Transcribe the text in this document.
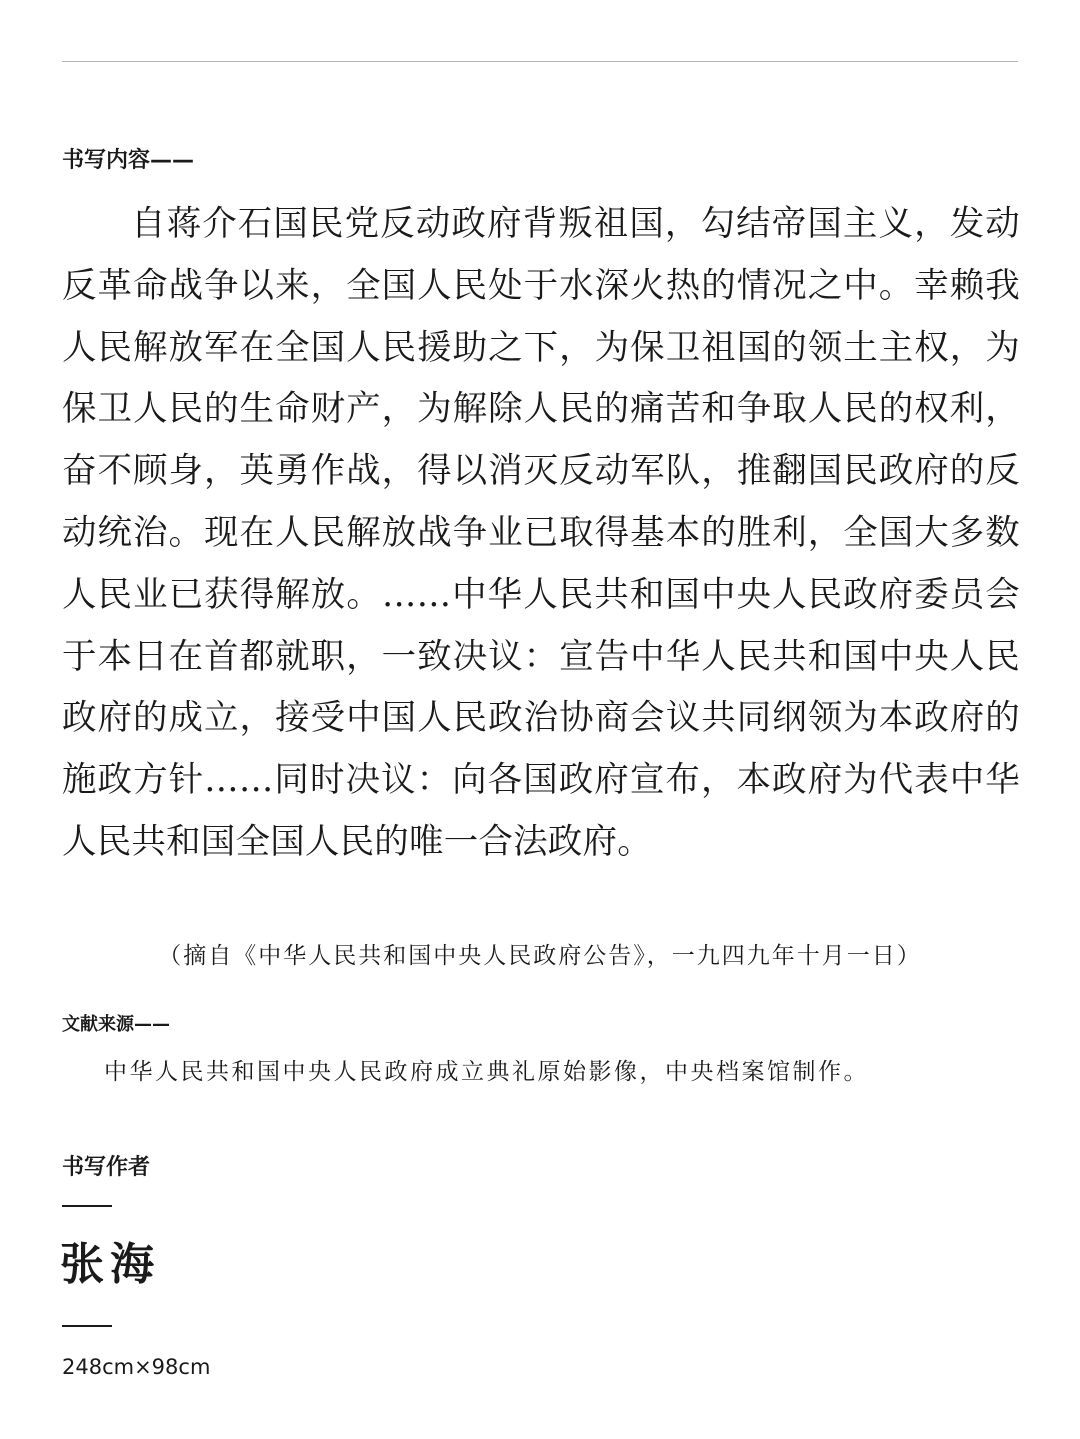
书写内容——

自蒋介石国民党反动政府背叛祖国，勾结帝国主义，发动反革命战争以来，全国人民处于水深火热的情况之中。幸赖我人民解放军在全国人民援助之下，为保卫祖国的领土主权，为保卫人民的生命财产，为解除人民的痛苦和争取人民的权利，奋不顾身，英勇作战，得以消灭反动军队，推翻国民政府的反动统治。现在人民解放战争业已取得基本的胜利，全国大多数人民业已获得解放。……中华人民共和国中央人民政府委员会于本日在首都就职，一致决议：宣告中华人民共和国中央人民政府的成立，接受中国人民政治协商会议共同纲领为本政府的施政方针……同时决议：向各国政府宣布，本政府为代表中华人民共和国全国人民的唯一合法政府。

（摘自《中华人民共和国中央人民政府公告》，一九四九年十月一日）
文献来源——
中华人民共和国中央人民政府成立典礼原始影像，中央档案馆制作。
书写作者
张海
248cm×98cm
